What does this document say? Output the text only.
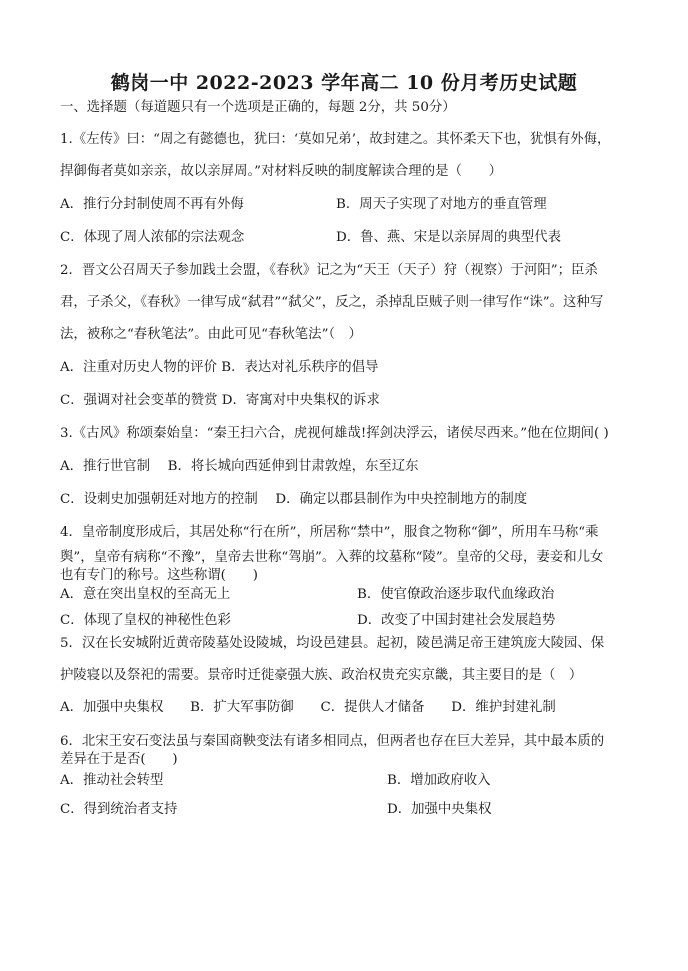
鹤岗一中 2022-2023 学年高二 10 份月考历史试题
一、选择题（每道题只有一个选项是正确的，每题 2分，共 50分）
1.《左传》曰：“周之有懿德也，犹曰：‘莫如兄弟’，故封建之。其怀柔天下也，犹惧有外侮，
捍御侮者莫如亲亲，故以亲屏周。”对材料反映的制度解读合理的是（　　）
A．推行分封制使周不再有外侮	B．周天子实现了对地方的垂直管理
C．体现了周人浓郁的宗法观念	D．鲁、燕、宋是以亲屏周的典型代表
2．晋文公召周天子参加践土会盟，《春秋》记之为“天王（天子）狩（视察）于河阳”；臣杀
君，子杀父，《春秋》一律写成“弑君”“弑父”，反之，杀掉乱臣贼子则一律写作“诛”。这种写
法，被称之“春秋笔法”。由此可见“春秋笔法”（　）
A．注重对历史人物的评价 B．表达对礼乐秩序的倡导
C．强调对社会变革的赞赏 D．寄寓对中央集权的诉求
3.《古风》称颂秦始皇：“秦王扫六合，虎视何雄哉!挥剑决浮云，诸侯尽西来。”他在位期间( )
A．推行世官制　 B．将长城向西延伸到甘肃敦煌，东至辽东
C．设刺史加强朝廷对地方的控制　 D．确定以郡县制作为中央控制地方的制度
4．皇帝制度形成后，其居处称“行在所”，所居称“禁中”，服食之物称“御”，所用车马称“乘
舆”，皇帝有病称“不豫”，皇帝去世称“驾崩”。入葬的坟墓称“陵”。皇帝的父母，妻妾和儿女
也有专门的称号。这些称谓(　　)
A．意在突出皇权的至高无上	B．使官僚政治逐步取代血缘政治
C．体现了皇权的神秘性色彩	D．改变了中国封建社会发展趋势
5．汉在长安城附近黄帝陵墓处设陵城，均设邑建县。起初，陵邑满足帝王建筑庞大陵园、保
护陵寝以及祭祀的需要。景帝时迁徙豪强大族、政治权贵充实京畿，其主要目的是（　）
A．加强中央集权　　B．扩大军事防御　　C．提供人才储备　　D．维护封建礼制
6．北宋王安石变法虽与秦国商鞅变法有诸多相同点，但两者也存在巨大差异，其中最本质的
差异在于是否(　　)
A．推动社会转型	B．增加政府收入
C．得到统治者支持	D．加强中央集权
